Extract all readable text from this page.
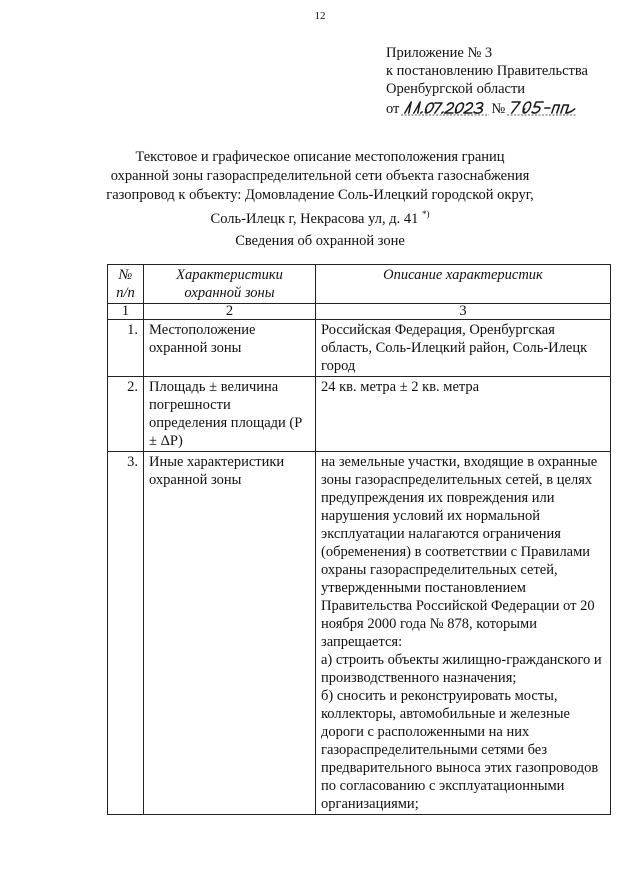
12
Приложение № 3
к постановлению Правительства
Оренбургской области
от	№
Текстовое и графическое описание местоположения границ
охранной зоны газораспределительной сети объекта газоснабжения
газопровод к объекту: Домовладение Соль-Илецкий городской округ,
Соль-Илецк г, Некрасова ул, д. 41 *)
Сведения об охранной зоне
№ п/п	Характеристики охранной зоны	Описание характеристик
1	2	3
1.	Местоположение охранной зоны	Российская Федерация, Оренбургская область, Соль-Илецкий район, Соль-Илецк город
2.	Площадь ± величина погрешности определения площади (P ± ΔP)	24 кв. метра ± 2 кв. метра
3.	Иные характеристики охранной зоны	на земельные участки, входящие в охранные зоны газораспределительных сетей, в целях предупреждения их повреждения или нарушения условий их нормальной эксплуатации налагаются ограничения (обременения) в соответствии с Правилами охраны газораспределительных сетей, утвержденными постановлением Правительства Российской Федерации от 20 ноября 2000 года № 878, которыми запрещается:
а) строить объекты жилищно-гражданского и производственного назначения;
б) сносить и реконструировать мосты, коллекторы, автомобильные и железные дороги с расположенными на них газораспределительными сетями без предварительного выноса этих газопроводов по согласованию с эксплуатационными организациями;
